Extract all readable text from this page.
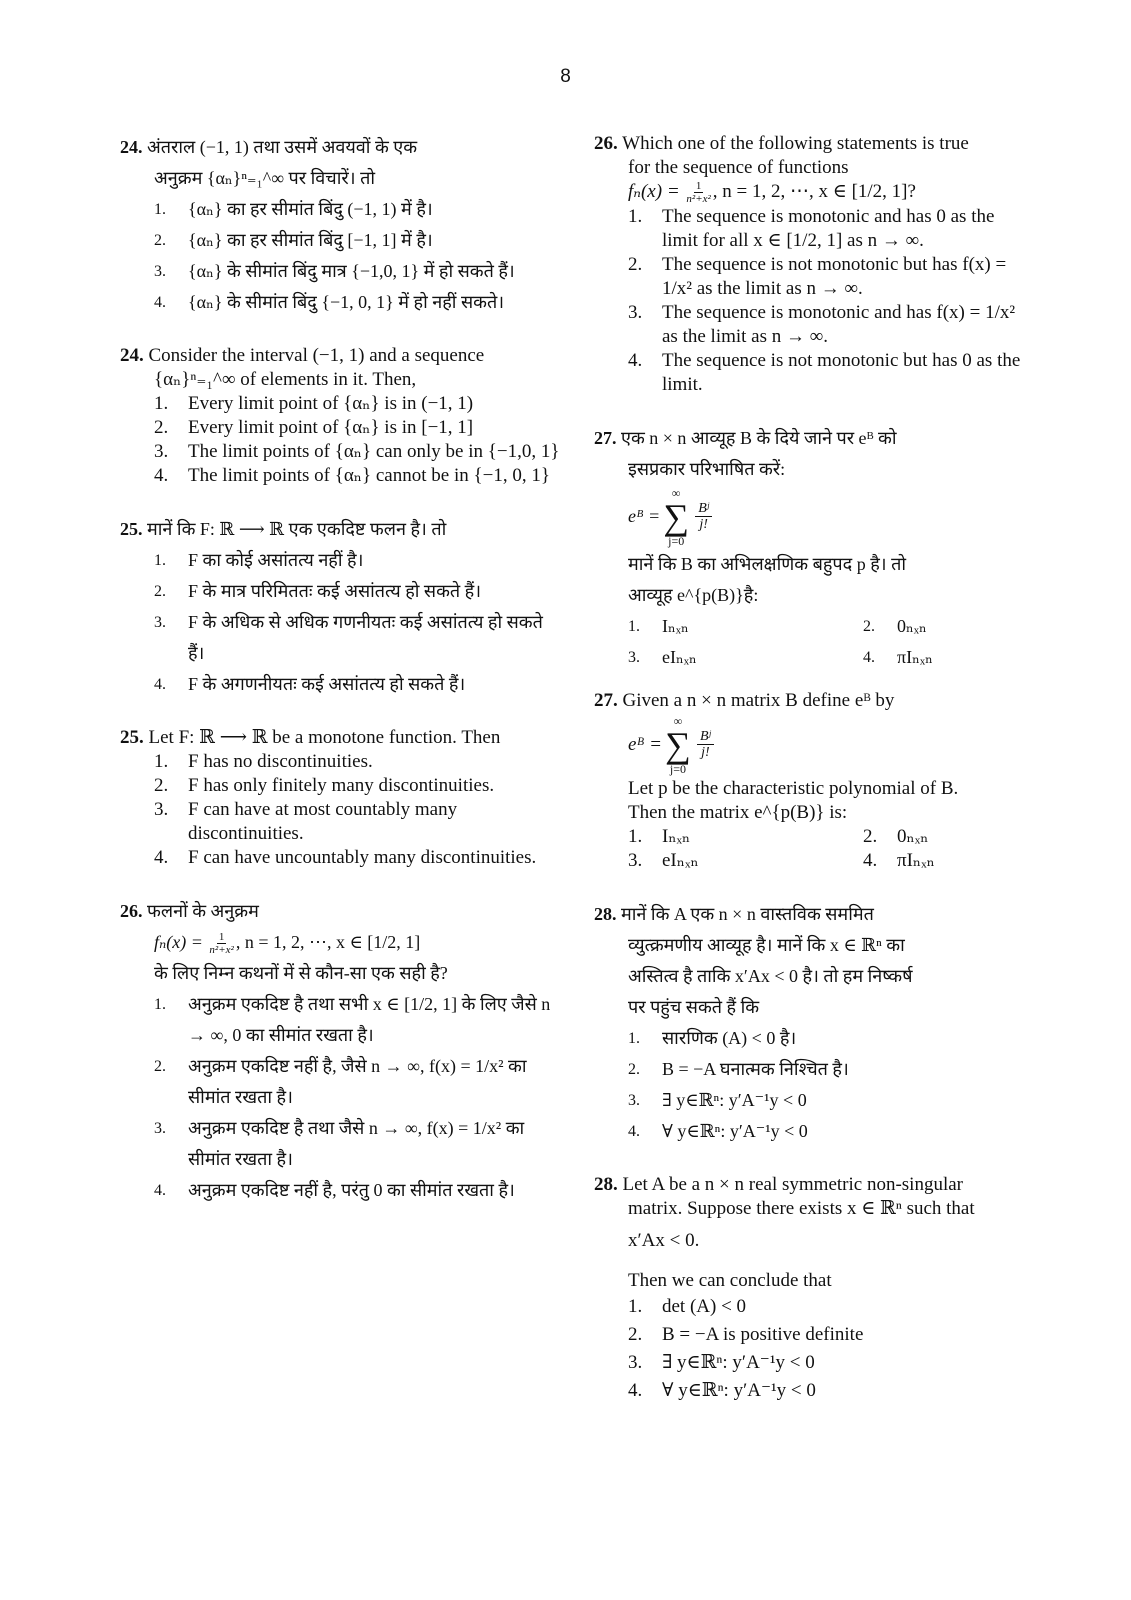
8
24. अंतराल (−1, 1) तथा उसमें अवयवों के एक
अनुक्रम {αₙ}ⁿ₌₁^∞ पर विचारें। तो
1.	{αₙ} का हर सीमांत बिंदु (−1, 1) में है।
2.	{αₙ} का हर सीमांत बिंदु [−1, 1] में है।
3.	{αₙ} के सीमांत बिंदु मात्र {−1,0, 1} में हो सकते हैं।
4.	{αₙ} के सीमांत बिंदु {−1, 0, 1} में हो नहीं सकते।
24. Consider the interval (−1, 1) and a sequence
{αₙ}ⁿ₌₁^∞ of elements in it. Then,
1.	Every limit point of {αₙ} is in (−1, 1)
2.	Every limit point of {αₙ} is in [−1, 1]
3.	The limit points of {αₙ} can only be in {−1,0, 1}
4.	The limit points of {αₙ} cannot be in {−1, 0, 1}
25. मानें कि F: ℝ ⟶ ℝ एक एकदिष्ट फलन है। तो
1.	F का कोई असांतत्य नहीं है।
2.	F के मात्र परिमिततः कई असांतत्य हो सकते हैं।
3.	F के अधिक से अधिक गणनीयतः कई असांतत्य हो सकते हैं।
4.	F के अगणनीयतः कई असांतत्य हो सकते हैं।
25. Let F: ℝ ⟶ ℝ be a monotone function. Then
1.	F has no discontinuities.
2.	F has only finitely many discontinuities.
3.	F can have at most countably many discontinuities.
4.	F can have uncountably many discontinuities.
26. फलनों के अनुक्रम
$f_n(x) = \frac{1}{\text{n²+x²}}$ , n = 1, 2, ⋯, x ∈ [1/2, 1]
के लिए निम्न कथनों में से कौन-सा एक सही है?
1.	अनुक्रम एकदिष्ट है तथा सभी x ∈ [1/2, 1] के लिए जैसे n → ∞, 0 का सीमांत रखता है।
2.	अनुक्रम एकदिष्ट नहीं है, जैसे n → ∞, f(x) = 1/x² का सीमांत रखता है।
3.	अनुक्रम एकदिष्ट है तथा जैसे n → ∞, f(x) = 1/x² का सीमांत रखता है।
4.	अनुक्रम एकदिष्ट नहीं है, परंतु 0 का सीमांत रखता है।
26. Which one of the following statements is true
for the sequence of functions
$f_n(x) = \frac{1}{\text{n²+x²}}$ , n = 1, 2, ⋯, x ∈ [1/2, 1]?
1.	The sequence is monotonic and has 0 as the limit for all x ∈ [1/2, 1] as n → ∞.
2.	The sequence is not monotonic but has f(x) = 1/x² as the limit as n → ∞.
3.	The sequence is monotonic and has f(x) = 1/x² as the limit as n → ∞.
4.	The sequence is not monotonic but has 0 as the limit.
27. एक n × n आव्यूह B के दिये जाने पर eᴮ को
इसप्रकार परिभाषित करें:
eᴮ =
∞
∑
j=0
$\frac{\text{Bʲ}}{j!}$
मानें कि B का अभिलक्षणिक बहुपद p है। तो
आव्यूह e^{p(B)}है:
1.	Iₙₓₙ	2.	0ₙₓₙ
3.	eIₙₓₙ	4.	πIₙₓₙ
27. Given a n × n matrix B define eᴮ by
eᴮ =
∞
∑
j=0
$\frac{\text{Bʲ}}{j!}$
Let p be the characteristic polynomial of B.
Then the matrix e^{p(B)} is:
1.	Iₙₓₙ	2.	0ₙₓₙ
3.	eIₙₓₙ	4.	πIₙₓₙ
28. मानें कि A एक n × n वास्तविक सममित
व्युत्क्रमणीय आव्यूह है। मानें कि x ∈ ℝⁿ का
अस्तित्व है ताकि x′Ax < 0 है। तो हम निष्कर्ष
पर पहुंच सकते हैं कि
1.	सारणिक (A) < 0 है।
2.	B = −A घनात्मक निश्चित है।
3.	∃ y∈ℝⁿ: y′A⁻¹y < 0
4.	∀ y∈ℝⁿ: y′A⁻¹y < 0
28. Let A be a n × n real symmetric non-singular
matrix. Suppose there exists x ∈ ℝⁿ such that
x′Ax < 0.
Then we can conclude that
1.	det (A) < 0
2.	B = −A is positive definite
3.	∃ y∈ℝⁿ: y′A⁻¹y < 0
4.	∀ y∈ℝⁿ: y′A⁻¹y < 0
